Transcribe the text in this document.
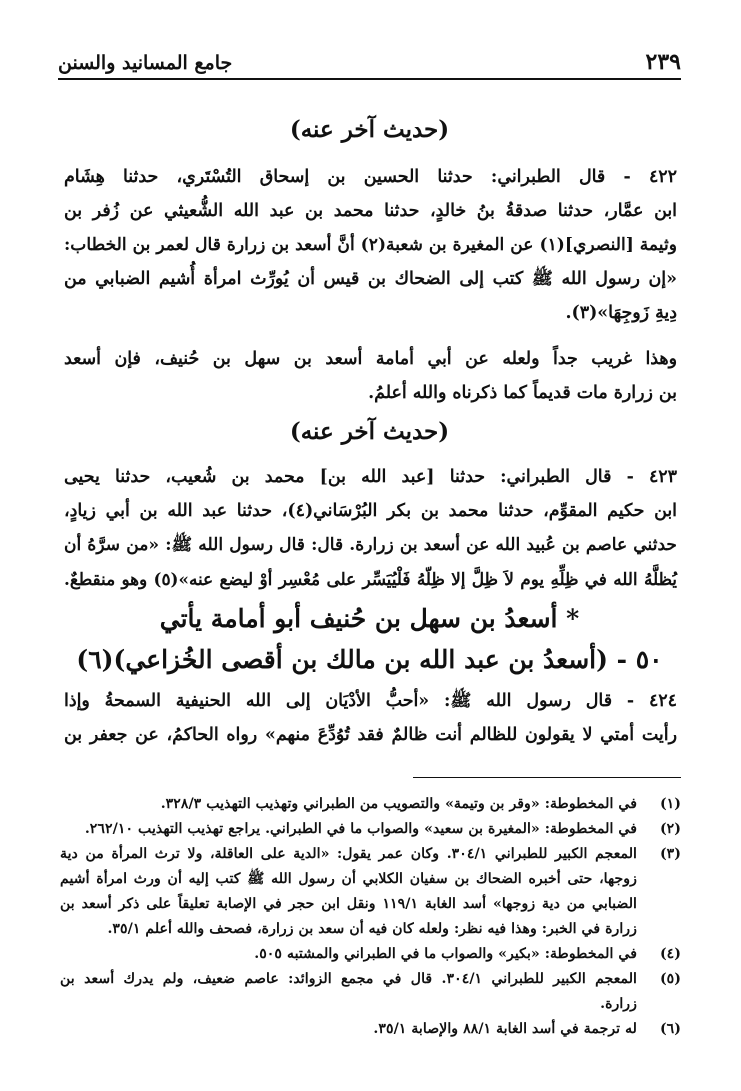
٢٣٩
جامع المسانيد والسنن
(حديث آخر عنه)
٤٢٢ - قال الطبراني: حدثنا الحسين بن إسحاق التُسْتَري، حدثنا هِشَام
ابن عمَّار، حدثنا صدقةُ بنُ خالدٍ، حدثنا محمد بن عبد الله الشُّعيثي عن زُفر بن
وثيمة [النصري](١) عن المغيرة بن شعبة(٢) أنَّ أسعد بن زرارة قال لعمر بن الخطاب:
«إن رسول الله ﷺ كتب إلى الضحاك بن قيس أن يُورِّث امرأة أُشيم الضبابي من
دِيةِ زَوجِهَا»(٣).
وهذا غريب جداً ولعله عن أبي أمامة أسعد بن سهل بن حُنيف، فإن أسعد
بن زرارة مات قديماً كما ذكرناه والله أعلمُ.
(حديث آخر عنه)
٤٢٣ - قال الطبراني: حدثنا [عبد الله بن] محمد بن شُعيب، حدثنا يحيى
ابن حكيم المقوِّم، حدثنا محمد بن بكر البُرْسَاني(٤)، حدثنا عبد الله بن أبي زيادٍ،
حدثني عاصم بن عُبيد الله عن أسعد بن زرارة. قال: قال رسول الله ﷺ: «من سرَّهُ أن
يُظلَّهُ الله في ظِلِّهِ يوم لاَ ظِلَّ إلا ظِلّهُ فَلْيُيَسِّر على مُعْسِر أوْ ليضع عنه»(٥) وهو منقطعٌ.
* أسعدُ بن سهل بن حُنيف أبو أمامة يأتي
٥٠ - (أسعدُ بن عبد الله بن مالك بن أقصى الخُزاعي)(٦)
٤٢٤ - قال رسول الله ﷺ: «أحبُّ الأدْيَان إلى الله الحنيفية السمحةُ وإذا
رأيت أمتي لا يقولون للظالم أنت ظالمٌ فقد تُوُدِّعَ منهم» رواه الحاكمُ، عن جعفر بن
(١)
في المخطوطة: «وقر بن وتيمة» والتصويب من الطبراني وتهذيب التهذيب ٣٢٨/٣.
(٢)
في المخطوطة: «المغيرة بن سعيد» والصواب ما في الطبراني. يراجع تهذيب التهذيب ٢٦٢/١٠.
(٣)
المعجم الكبير للطبراني ٣٠٤/١. وكان عمر يقول: «الدية على العاقلة، ولا ترث المرأة من دية
زوجها، حتى أخبره الضحاك بن سفيان الكلابي أن رسول الله ﷺ كتب إليه أن ورث امرأة أشيم
الضبابي من دية زوجها» أسد الغابة ١١٩/١ ونقل ابن حجر في الإصابة تعليقاً على ذكر أسعد بن
زرارة في الخبر: وهذا فيه نظر: ولعله كان فيه أن سعد بن زرارة، فصحف والله أعلم ٣٥/١.
(٤)
في المخطوطة: «بكير» والصواب ما في الطبراني والمشتبه ٥٠٥.
(٥)
المعجم الكبير للطبراني ٣٠٤/١. قال في مجمع الزوائد: عاصم ضعيف، ولم يدرك أسعد بن
زرارة.
(٦)
له ترجمة في أسد الغابة ٨٨/١ والإصابة ٣٥/١.
